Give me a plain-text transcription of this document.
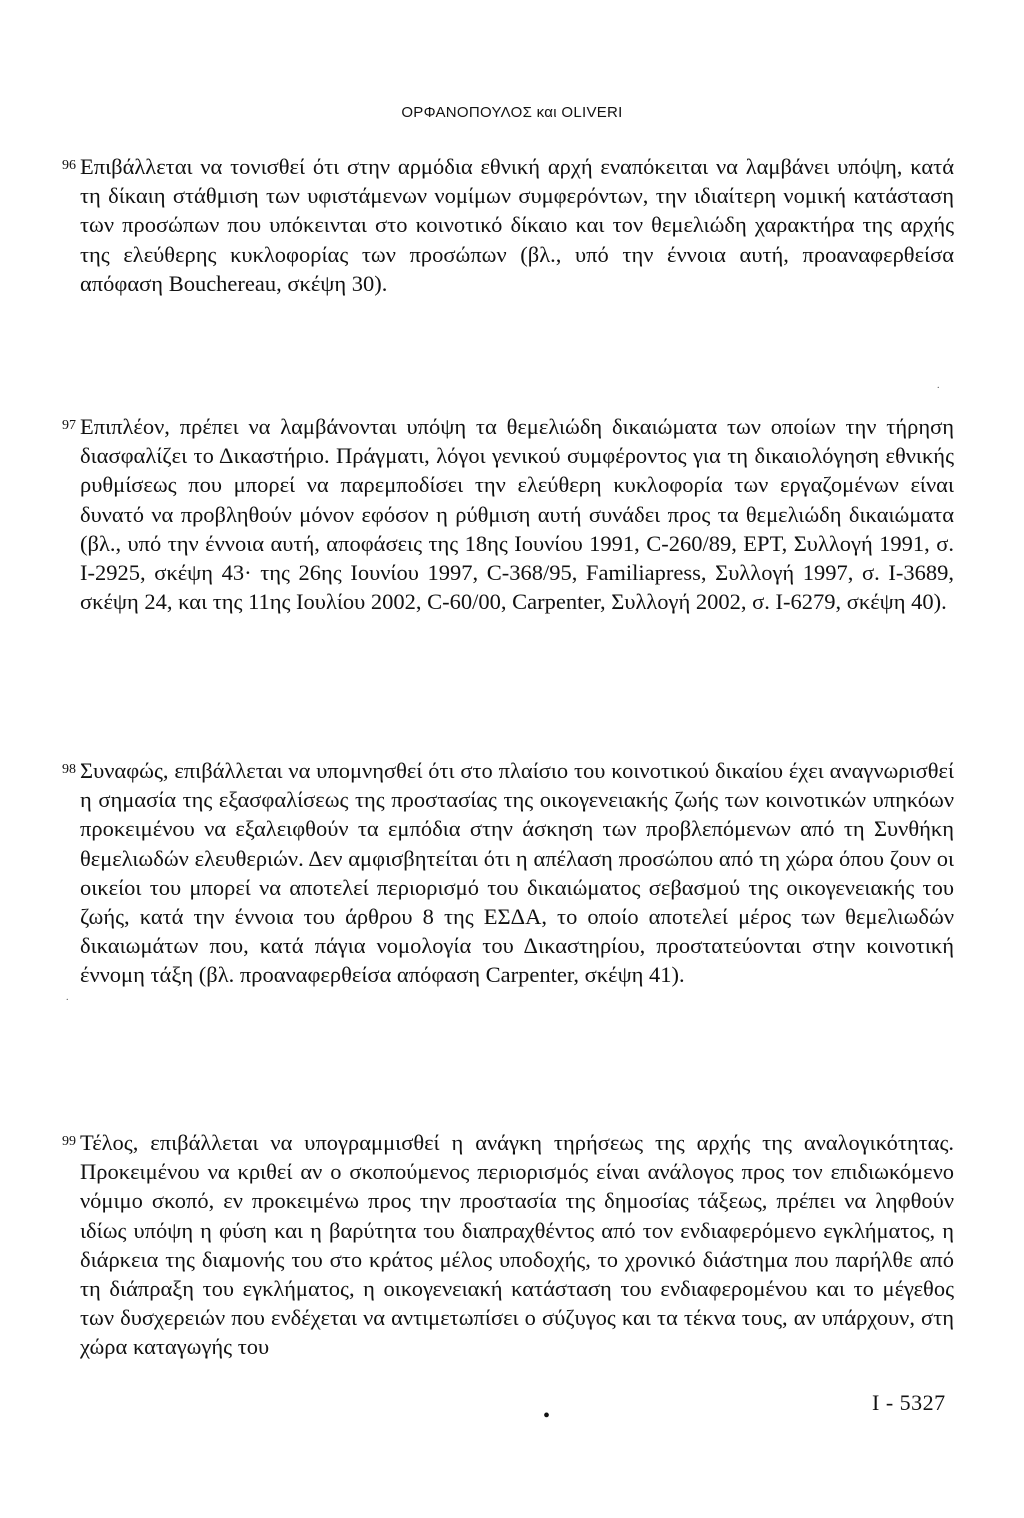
ΟΡΦΑΝΟΠΟΥΛΟΣ και OLIVERI
96 Επιβάλλεται να τονισθεί ότι στην αρμόδια εθνική αρχή εναπόκειται να λαμβάνει υπόψη, κατά τη δίκαιη στάθμιση των υφιστάμενων νομίμων συμφερόντων, την ιδιαίτερη νομική κατάσταση των προσώπων που υπόκεινται στο κοινοτικό δίκαιο και τον θεμελιώδη χαρακτήρα της αρχής της ελεύθερης κυκλοφορίας των προσώπων (βλ., υπό την έννοια αυτή, προαναφερθείσα απόφαση Bouchereau, σκέψη 30).

97 Επιπλέον, πρέπει να λαμβάνονται υπόψη τα θεμελιώδη δικαιώματα των οποίων την τήρηση διασφαλίζει το Δικαστήριο. Πράγματι, λόγοι γενικού συμφέροντος για τη δικαιολόγηση εθνικής ρυθμίσεως που μπορεί να παρεμποδίσει την ελεύθερη κυκλοφορία των εργαζομένων είναι δυνατό να προβληθούν μόνον εφόσον η ρύθμιση αυτή συνάδει προς τα θεμελιώδη δικαιώματα (βλ., υπό την έννοια αυτή, αποφάσεις της 18ης Ιουνίου 1991, C-260/89, ΕΡΤ, Συλλογή 1991, σ. I-2925, σκέψη 43· της 26ης Ιουνίου 1997, C-368/95, Familiapress, Συλλογή 1997, σ. I-3689, σκέψη 24, και της 11ης Ιουλίου 2002, C-60/00, Carpenter, Συλλογή 2002, σ. I-6279, σκέψη 40).

98 Συναφώς, επιβάλλεται να υπομνησθεί ότι στο πλαίσιο του κοινοτικού δικαίου έχει αναγνωρισθεί η σημασία της εξασφαλίσεως της προστασίας της οικογενειακής ζωής των κοινοτικών υπηκόων προκειμένου να εξαλειφθούν τα εμπόδια στην άσκηση των προβλεπόμενων από τη Συνθήκη θεμελιωδών ελευθεριών. Δεν αμφισβητείται ότι η απέλαση προσώπου από τη χώρα όπου ζουν οι οικείοι του μπορεί να αποτελεί περιορισμό του δικαιώματος σεβασμού της οικογενειακής του ζωής, κατά την έννοια του άρθρου 8 της ΕΣΔΑ, το οποίο αποτελεί μέρος των θεμελιωδών δικαιωμάτων που, κατά πάγια νομολογία του Δικαστηρίου, προστατεύονται στην κοινοτική έννομη τάξη (βλ. προαναφερθείσα απόφαση Carpenter, σκέψη 41).

99 Τέλος, επιβάλλεται να υπογραμμισθεί η ανάγκη τηρήσεως της αρχής της αναλογικότητας. Προκειμένου να κριθεί αν ο σκοπούμενος περιορισμός είναι ανάλογος προς τον επιδιωκόμενο νόμιμο σκοπό, εν προκειμένω προς την προστασία της δημοσίας τάξεως, πρέπει να ληφθούν ιδίως υπόψη η φύση και η βαρύτητα του διαπραχθέντος από τον ενδιαφερόμενο εγκλήματος, η διάρκεια της διαμονής του στο κράτος μέλος υποδοχής, το χρονικό διάστημα που παρήλθε από τη διάπραξη του εγκλήματος, η οικογενειακή κατάσταση του ενδιαφερομένου και το μέγεθος των δυσχερειών που ενδέχεται να αντιμετωπίσει ο σύζυγος και τα τέκνα τους, αν υπάρχουν, στη χώρα καταγωγής του

.
.
•
I - 5327
